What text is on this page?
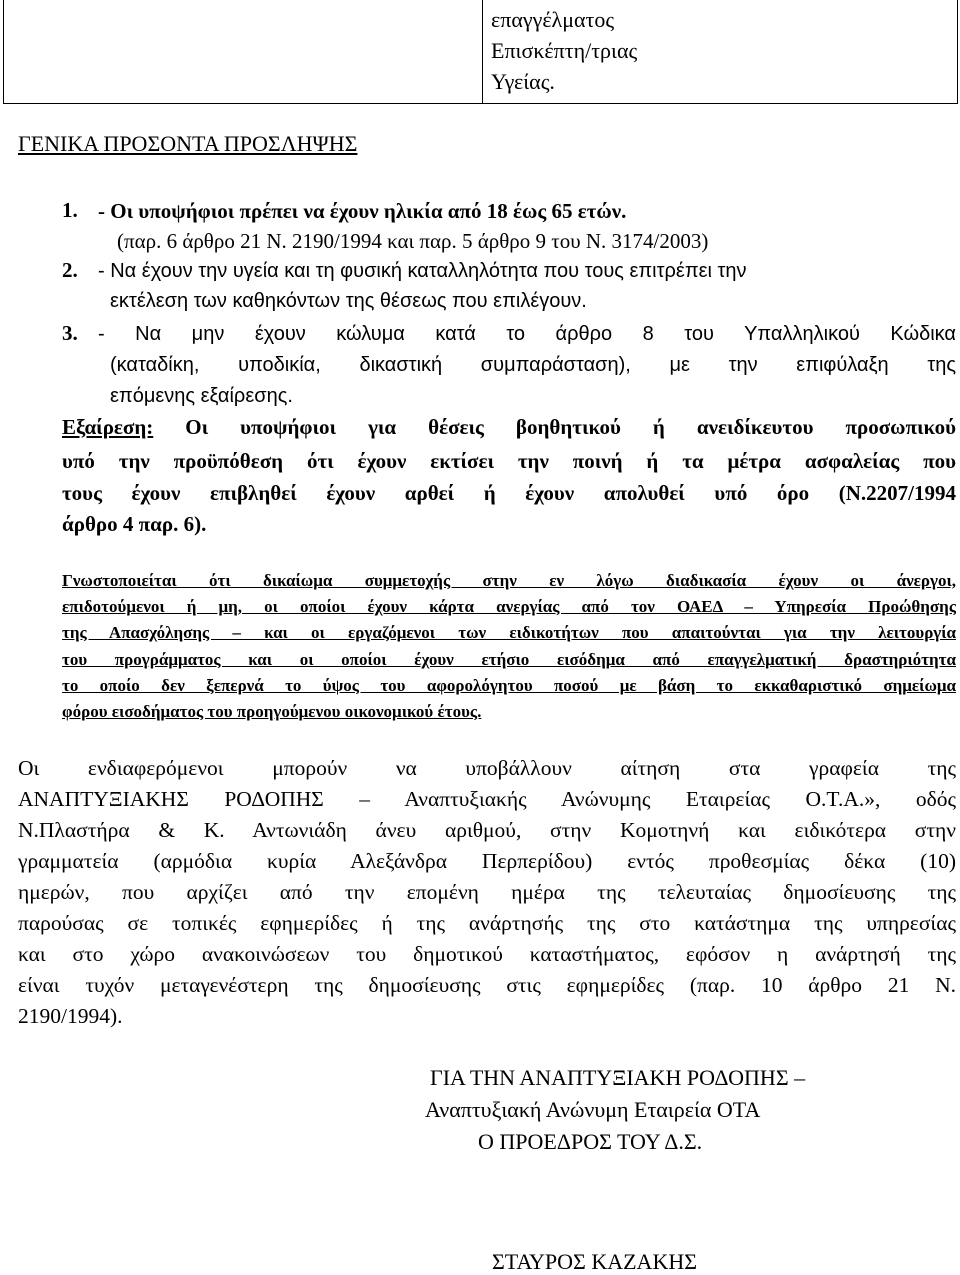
επαγγέλματος
Επισκέπτη/τριας
Υγείας.
ΓΕΝΙΚΑ ΠΡΟΣΟΝΤΑ ΠΡΟΣΛΗΨΗΣ
1. - Οι υποψήφιοι πρέπει να έχουν ηλικία από 18 έως 65 ετών.
(παρ. 6 άρθρο 21 Ν. 2190/1994 και παρ. 5 άρθρο 9 του Ν. 3174/2003)
2. - Να έχουν την υγεία και τη φυσική καταλληλότητα που τους επιτρέπει την
εκτέλεση των καθηκόντων της θέσεως που επιλέγουν.
3. - Να μην έχουν κώλυμα κατά το άρθρο 8 του Υπαλληλικού Κώδικα
(καταδίκη, υποδικία, δικαστική συμπαράσταση), με την επιφύλαξη της
επόμενης εξαίρεσης.
Εξαίρεση: Οι υποψήφιοι για θέσεις βοηθητικού ή ανειδίκευτου προσωπικού
υπό την προϋπόθεση ότι έχουν εκτίσει την ποινή ή τα μέτρα ασφαλείας που
τους έχουν επιβληθεί έχουν αρθεί ή έχουν απολυθεί υπό όρο (Ν.2207/1994
άρθρο 4 παρ. 6).
Γνωστοποιείται ότι δικαίωμα συμμετοχής στην εν λόγω διαδικασία έχουν οι άνεργοι,
επιδοτούμενοι ή μη, οι οποίοι έχουν κάρτα ανεργίας από τον ΟΑΕΔ – Υπηρεσία Προώθησης
της Απασχόλησης – και οι εργαζόμενοι των ειδικοτήτων που απαιτούνται για την λειτουργία
του προγράμματος και οι οποίοι έχουν ετήσιο εισόδημα από επαγγελματική δραστηριότητα
το οποίο δεν ξεπερνά το ύψος του αφορολόγητου ποσού με βάση το εκκαθαριστικό σημείωμα
φόρου εισοδήματος του προηγούμενου οικονομικού έτους.
Οι ενδιαφερόμενοι μπορούν να υποβάλλουν αίτηση στα γραφεία της
ΑΝΑΠΤΥΞΙΑΚΗΣ ΡΟΔΟΠΗΣ – Αναπτυξιακής Ανώνυμης Εταιρείας Ο.Τ.Α.», οδός
Ν.Πλαστήρα & Κ. Αντωνιάδη άνευ αριθμού, στην Κομοτηνή και ειδικότερα στην
γραμματεία (αρμόδια κυρία Αλεξάνδρα Περπερίδου) εντός προθεσμίας δέκα (10)
ημερών, που αρχίζει από την επομένη ημέρα της τελευταίας δημοσίευσης της
παρούσας σε τοπικές εφημερίδες ή της ανάρτησής της στο κατάστημα της υπηρεσίας
και στο χώρο ανακοινώσεων του δημοτικού καταστήματος, εφόσον η ανάρτησή της
είναι τυχόν μεταγενέστερη της δημοσίευσης στις εφημερίδες (παρ. 10 άρθρο 21 Ν.
2190/1994).
ΓΙΑ ΤΗΝ ΑΝΑΠΤΥΞΙΑΚΗ ΡΟΔΟΠΗΣ –
Αναπτυξιακή Ανώνυμη Εταιρεία ΟΤΑ
Ο ΠΡΟΕΔΡΟΣ ΤΟΥ Δ.Σ.
ΣΤΑΥΡΟΣ ΚΑΖΑΚΗΣ
